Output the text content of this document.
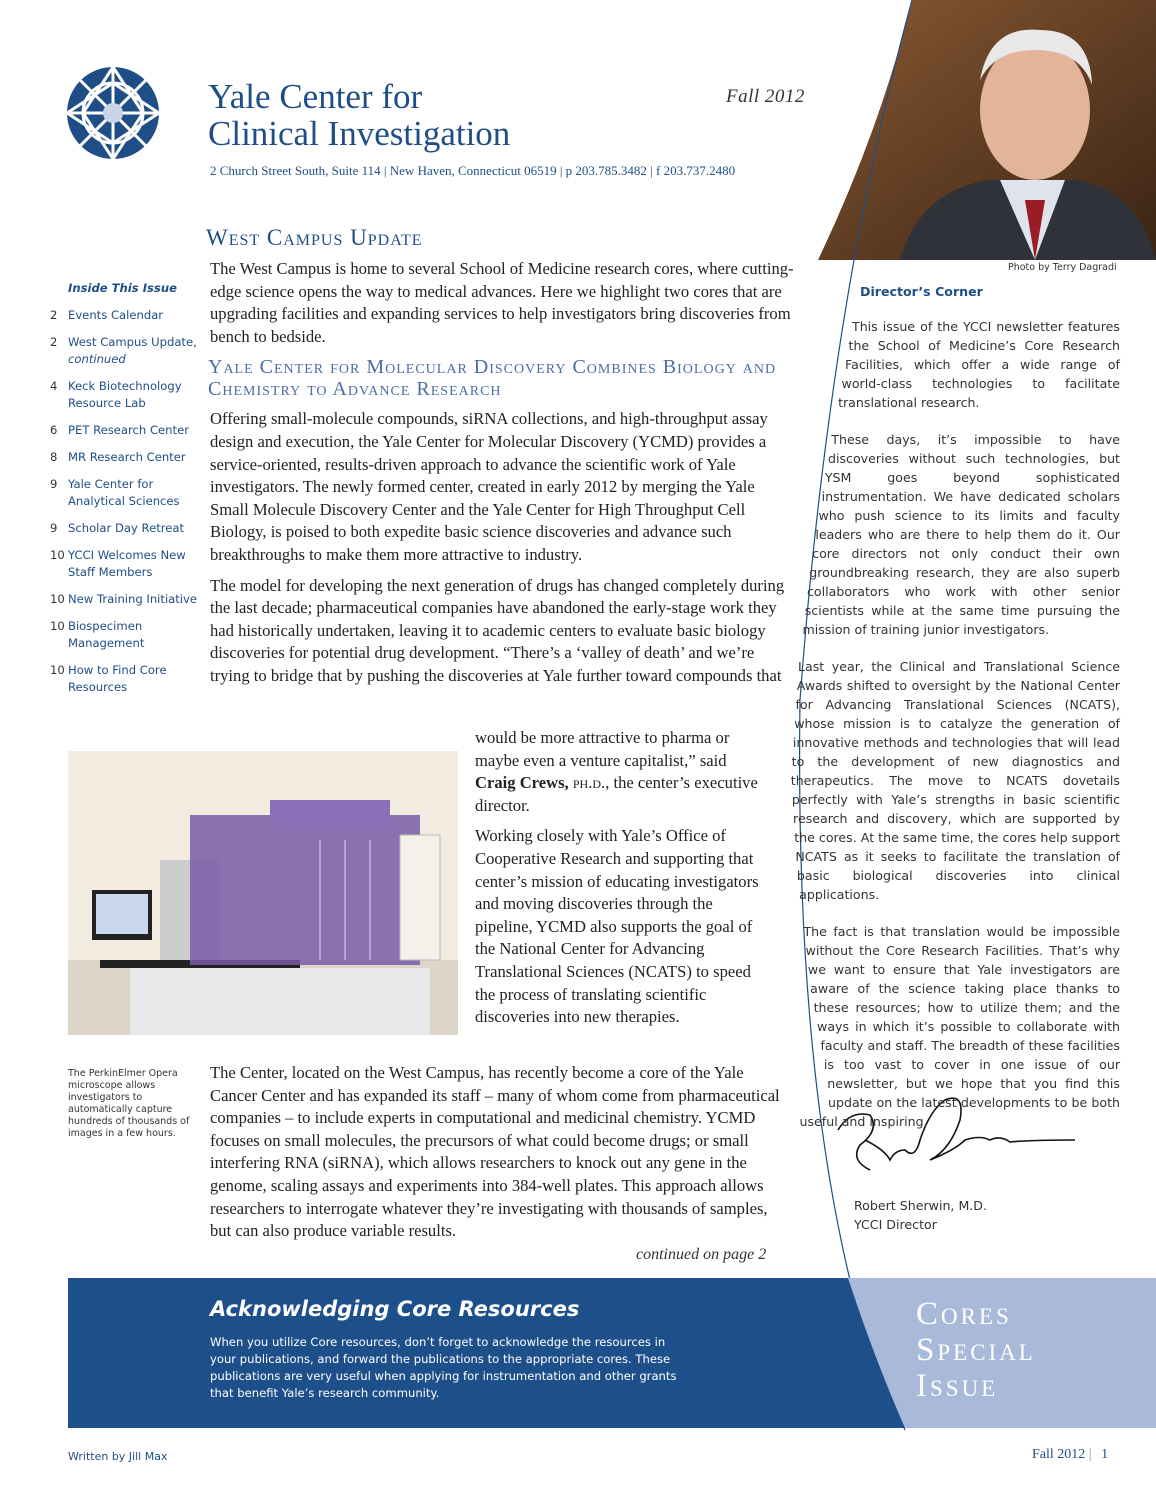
Yale Center for
Clinical Investigation
Fall 2012
2 Church Street South, Suite 114 | New Haven, Connecticut 06519 | p 203.785.3482 | f 203.737.2480
Photo by Terry Dagradi
West Campus Update
Inside This Issue
2 Events Calendar
2 West Campus Update, continued
4 Keck Biotechnology Resource Lab
6 PET Research Center
8 MR Research Center
9 Yale Center for Analytical Sciences
9 Scholar Day Retreat
10 YCCI Welcomes New Staff Members
10 New Training Initiative
10 Biospecimen Management
10 How to Find Core Resources

The West Campus is home to several School of Medicine research cores, where cutting-edge science opens the way to medical advances. Here we highlight two cores that are upgrading facilities and expanding services to help investigators bring discoveries from bench to bedside.

Yale Center for Molecular Discovery Combines Biology and Chemistry to Advance Research

Offering small-molecule compounds, siRNA collections, and high-throughput assay design and execution, the Yale Center for Molecular Discovery (YCMD) provides a service-oriented, results-driven approach to advance the scientific work of Yale investigators. The newly formed center, created in early 2012 by merging the Yale Small Molecule Discovery Center and the Yale Center for High Throughput Cell Biology, is poised to both expedite basic science discoveries and advance such breakthroughs to make them more attractive to industry.

The model for developing the next generation of drugs has changed completely during the last decade; pharmaceutical companies have abandoned the early-stage work they had historically undertaken, leaving it to academic centers to evaluate basic biology discoveries for potential drug development. “There’s a ‘valley of death’ and we’re trying to bridge that by pushing the discoveries at Yale further toward compounds that

would be more attractive to pharma or maybe even a venture capitalist,” said Craig Crews, ph.d., the center’s executive director.

Working closely with Yale’s Office of Cooperative Research and supporting that center’s mission of educating investigators and moving discoveries through the pipeline, YCMD also supports the goal of the National Center for Advancing Translational Sciences (NCATS) to speed the process of translating scientific discoveries into new therapies.

The PerkinElmer Opera microscope allows investigators to automatically capture hundreds of thousands of images in a few hours.

The Center, located on the West Campus, has recently become a core of the Yale Cancer Center and has expanded its staff – many of whom come from pharmaceutical companies – to include experts in computational and medicinal chemistry. YCMD focuses on small molecules, the precursors of what could become drugs; or small interfering RNA (siRNA), which allows researchers to knock out any gene in the genome, scaling assays and experiments into 384-well plates. This approach allows researchers to interrogate whatever they’re investigating with thousands of samples, but can also produce variable results.

continued on page 2
Director’s Corner

This issue of the YCCI newsletter features the School of Medicine’s Core Research Facilities, which offer a wide range of world-class technologies to facilitate translational research.

These days, it’s impossible to have discoveries without such technologies, but YSM goes beyond sophisticated instrumentation. We have dedicated scholars who push science to its limits and faculty leaders who are there to help them do it. Our core directors not only conduct their own groundbreaking research, they are also superb collaborators who work with other senior scientists while at the same time pursuing the mission of training junior investigators.

Last year, the Clinical and Translational Science Awards shifted to oversight by the National Center for Advancing Translational Sciences (NCATS), whose mission is to catalyze the generation of innovative methods and technologies that will lead to the development of new diagnostics and therapeutics. The move to NCATS dovetails perfectly with Yale’s strengths in basic scientific research and discovery, which are supported by the cores. At the same time, the cores help support NCATS as it seeks to facilitate the translation of basic biological discoveries into clinical applications.

The fact is that translation would be impossible without the Core Research Facilities. That’s why we want to ensure that Yale investigators are aware of the science taking place thanks to these resources; how to utilize them; and the ways in which it’s possible to collaborate with faculty and staff. The breadth of these facilities is too vast to cover in one issue of our newsletter, but we hope that you find this update on the latest developments to be both useful and inspiring.

Robert Sherwin, M.D.
YCCI Director
Acknowledging Core Resources
When you utilize Core resources, don’t forget to acknowledge the resources in your publications, and forward the publications to the appropriate cores. These publications are very useful when applying for instrumentation and other grants that benefit Yale’s research community.
Cores
Special
Issue
Written by Jill Max	Fall 2012 | 1
